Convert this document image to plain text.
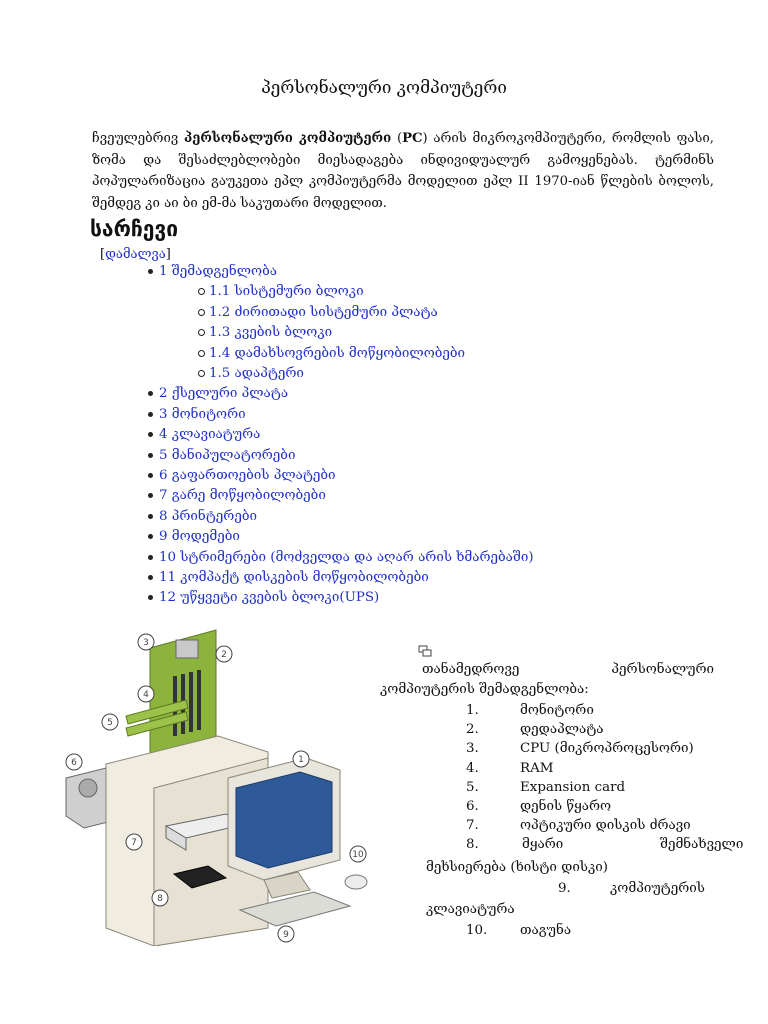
პერსონალური კომპიუტერი
ჩვეულებრივ პერსონალური კომპიუტერი (PC) არის მიკროკომპიუტერი, რომლის ფასი, ზომა და შესაძლებლობები მიესადაგება ინდივიდუალურ გამოყენებას. ტერმინს პოპულარიზაცია გაუკეთა ეპლ კომპიუტერმა მოდელით ეპლ II 1970-იან წლების ბოლოს, შემდეგ კი აი ბი ემ-მა საკუთარი მოდელით.
სარჩევი
[დამალვა]
1 შემადგენლობა
1.1 სისტემური ბლოკი
1.2 ძირითადი სისტემური პლატა
1.3 კვების ბლოკი
1.4 დამახსოვრების მოწყობილობები
1.5 ადაპტერი
2 ქსელური პლატა
3 მონიტორი
4 კლავიატურა
5 მანიპულატორები
6 გაფართოების პლატები
7 გარე მოწყობილობები
8 პრინტერები
9 მოდემები
10 სტრიმერები (მოძველდა და აღარ არის ხმარებაში)
11 კომპაქტ დისკების მოწყობილობები
12 უწყვეტი კვების ბლოკი(UPS)
1
2
3
4
5
6
7
8
9
10
თანამედროვე	პერსონალური
კომპიუტერის შემადგენლობა:
1.	მონიტორი
2.	დედაპლატა
3.	CPU (მიკროპროცესორი)
4.	RAM
5.	Expansion card
6.	დენის წყარო
7.	ოპტიკური დისკის ძრავი
8.	მყარი	შემნახველი
მეხსიერება (ხისტი დისკი)
9.	კომპიუტერის
კლავიატურა
10. თაგუნა
